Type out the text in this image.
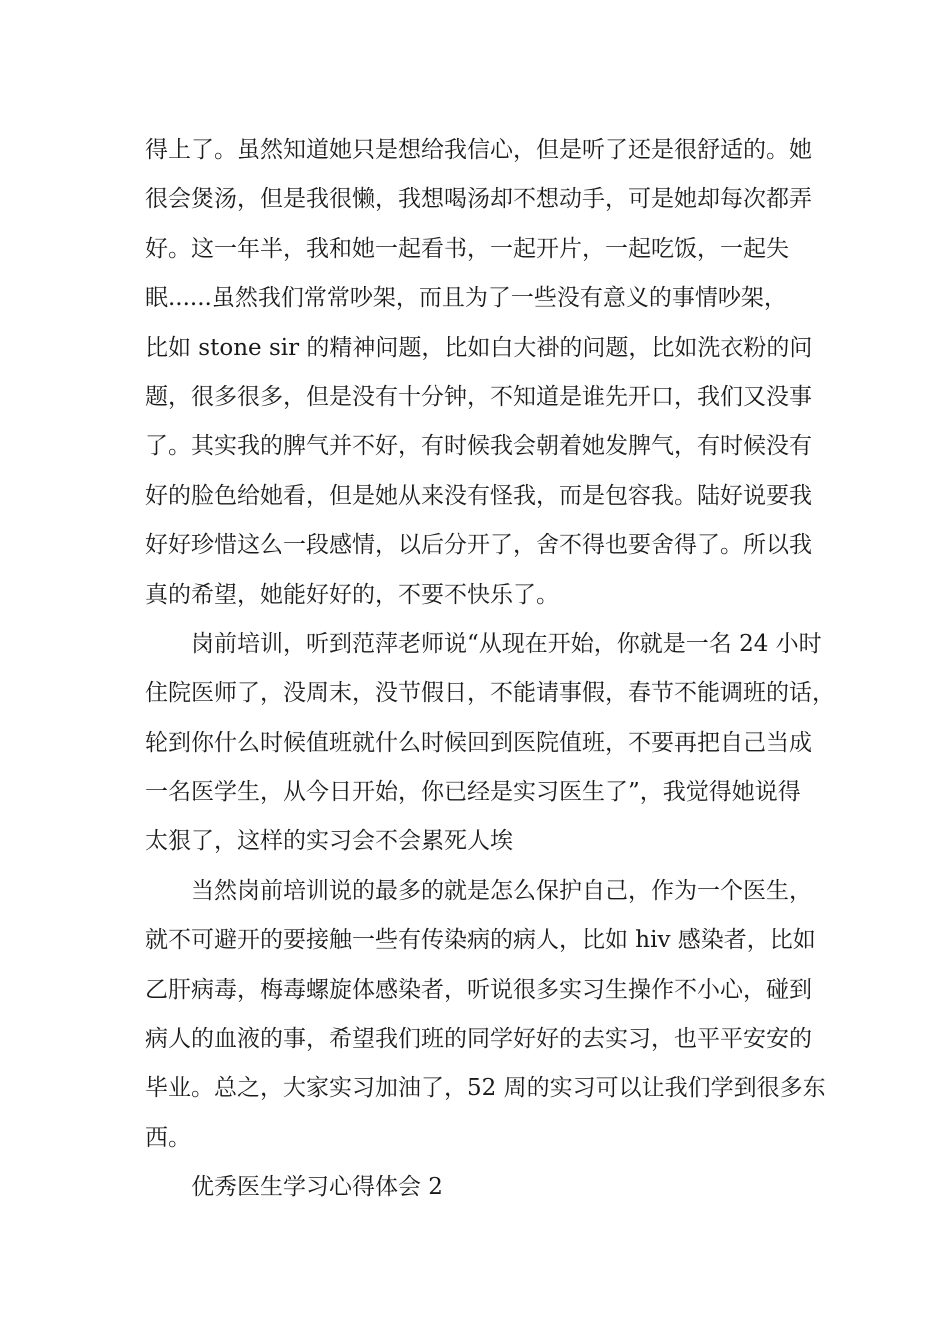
得上了。虽然知道她只是想给我信心，但是听了还是很舒适的。她
很会煲汤，但是我很懒，我想喝汤却不想动手，可是她却每次都弄
好。这一年半，我和她一起看书，一起开片，一起吃饭，一起失
眠......虽然我们常常吵架，而且为了一些没有意义的事情吵架，
比如 stone sir 的精神问题，比如白大褂的问题，比如洗衣粉的问
题，很多很多，但是没有十分钟，不知道是谁先开口，我们又没事
了。其实我的脾气并不好，有时候我会朝着她发脾气，有时候没有
好的脸色给她看，但是她从来没有怪我，而是包容我。陆好说要我
好好珍惜这么一段感情，以后分开了，舍不得也要舍得了。所以我
真的希望，她能好好的，不要不快乐了。
岗前培训，听到范萍老师说“从现在开始，你就是一名 24 小时
住院医师了，没周末，没节假日，不能请事假，春节不能调班的话，
轮到你什么时候值班就什么时候回到医院值班，不要再把自己当成
一名医学生，从今日开始，你已经是实习医生了”，我觉得她说得
太狠了，这样的实习会不会累死人埃
当然岗前培训说的最多的就是怎么保护自己，作为一个医生，
就不可避开的要接触一些有传染病的病人，比如 hiv 感染者，比如
乙肝病毒，梅毒螺旋体感染者，听说很多实习生操作不小心，碰到
病人的血液的事，希望我们班的同学好好的去实习，也平平安安的
毕业。总之，大家实习加油了，52 周的实习可以让我们学到很多东
西。
优秀医生学习心得体会 2
